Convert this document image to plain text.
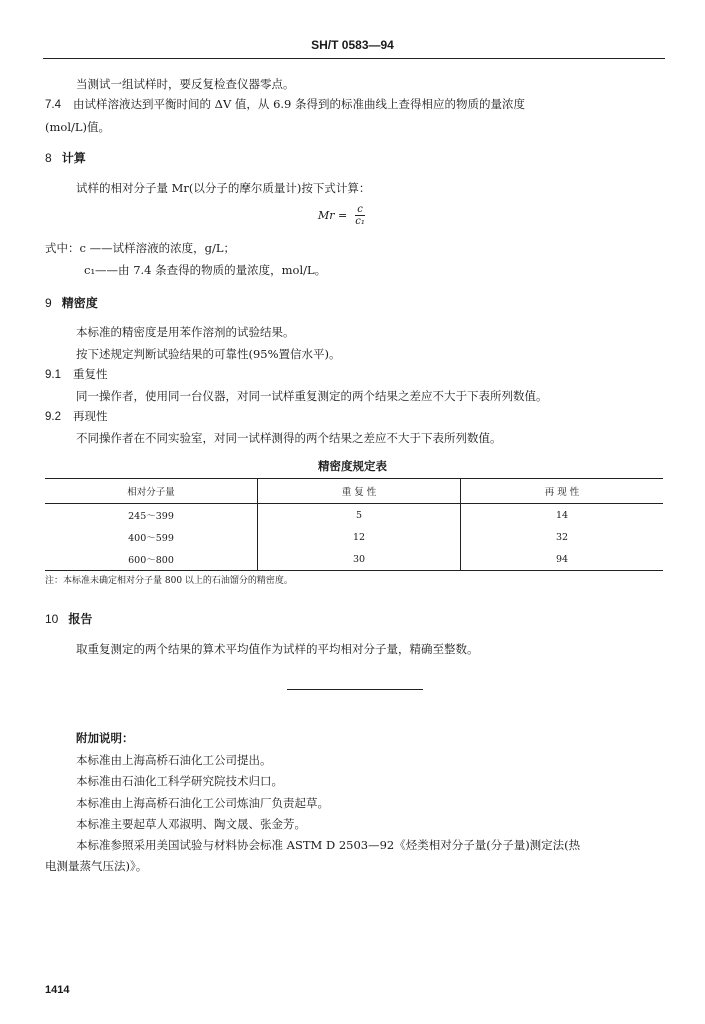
SH/T 0583—94
当测试一组试样时，要反复检查仪器零点。
7.4 由试样溶液达到平衡时间的 ΔV 值，从 6.9 条得到的标准曲线上查得相应的物质的量浓度
(mol/L)值。
8 计算
试样的相对分子量 Mr(以分子的摩尔质量计)按下式计算：
$Mr = \frac{c}{\text{c₁}}$
式中：c ——试样溶液的浓度，g/L；
c₁——由 7.4 条查得的物质的量浓度，mol/L。
9 精密度
本标准的精密度是用苯作溶剂的试验结果。
按下述规定判断试验结果的可靠性(95%置信水平)。
9.1 重复性
同一操作者，使用同一台仪器，对同一试样重复测定的两个结果之差应不大于下表所列数值。
9.2 再现性
不同操作者在不同实验室，对同一试样测得的两个结果之差应不大于下表所列数值。
精密度规定表
相对分子量	重 复 性	再 现 性
245～399	5	14
400～599	12	32
600～800	30	94
注：本标准未确定相对分子量 800 以上的石油馏分的精密度。
10 报告
取重复测定的两个结果的算术平均值作为试样的平均相对分子量，精确至整数。
附加说明：
本标准由上海高桥石油化工公司提出。
本标准由石油化工科学研究院技术归口。
本标准由上海高桥石油化工公司炼油厂负责起草。
本标准主要起草人邓淑明、陶文晟、张金芳。
本标准参照采用美国试验与材料协会标准 ASTM D 2503—92《烃类相对分子量(分子量)测定法(热
电测量蒸气压法)》。
1414
